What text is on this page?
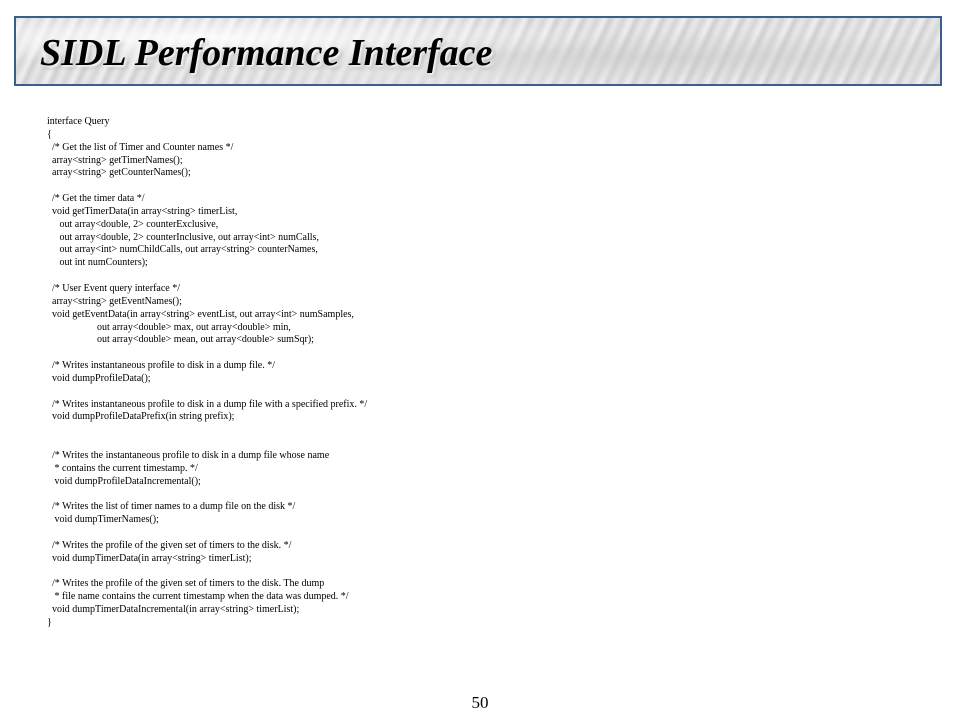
SIDL Performance Interface
interface Query
{
/* Get the list of Timer and Counter names */
array<string> getTimerNames();
array<string> getCounterNames();
/* Get the timer data */
void getTimerData(in array<string> timerList,
out array<double, 2> counterExclusive,
out array<double, 2> counterInclusive, out array<int> numCalls,
out array<int> numChildCalls, out array<string> counterNames,
out int numCounters);
/* User Event query interface */
array<string> getEventNames();
void getEventData(in array<string> eventList, out array<int> numSamples,
out array<double> max, out array<double> min,
out array<double> mean, out array<double> sumSqr);
/* Writes instantaneous profile to disk in a dump file. */
void dumpProfileData();
/* Writes instantaneous profile to disk in a dump file with a specified prefix. */
void dumpProfileDataPrefix(in string prefix);
/* Writes the instantaneous profile to disk in a dump file whose name
* contains the current timestamp. */
void dumpProfileDataIncremental();
/* Writes the list of timer names to a dump file on the disk */
void dumpTimerNames();
/* Writes the profile of the given set of timers to the disk. */
void dumpTimerData(in array<string> timerList);
/* Writes the profile of the given set of timers to the disk. The dump
* file name contains the current timestamp when the data was dumped. */
void dumpTimerDataIncremental(in array<string> timerList);
}
50
